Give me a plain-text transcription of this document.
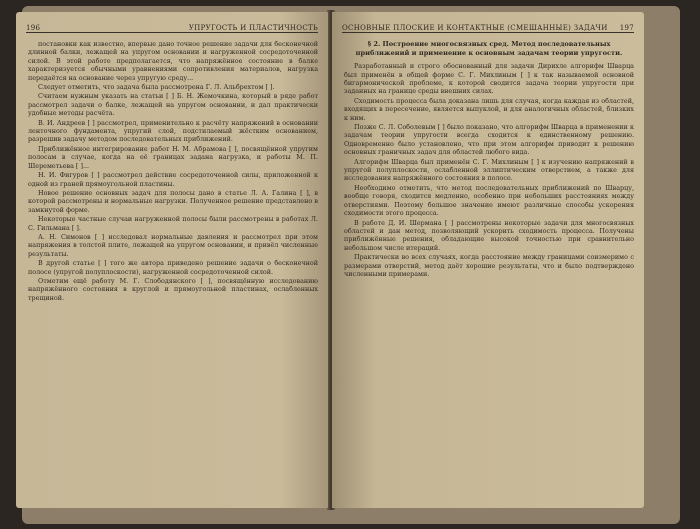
196	УПРУГОСТЬ И ПЛАСТИЧНОСТЬ

постановки как известно, впервые дано точное решение задачи для бесконечной длинной балки, лежащей на упругом основании и нагруженной сосредоточенной силой. В этой работе предполагается, что напряжённое состояние в балке характеризуется обычными уравнениями сопротивления материалов, нагрузка передаётся на основание через упругую среду...

Следует отметить, что задача была рассмотрена Г. Л. Альбрехтом [ ].

Считаем нужным указать на статьи [ ] Б. Н. Жемочкина, который в ряде работ рассмотрел задачи о балке, лежащей на упругом основании, и дал практически удобные методы расчёта.

В. И. Андреев [ ] рассмотрел, применительно к расчёту напряжений в основании ленточного фундамента, упругий слой, подстилаемый жёстким основанием, разрешив задачу методом последовательных приближений.

Приближённое интегрирование работ Н. М. Абрамова [ ], посвящённой упругим полосам в случае, когда на её границах задана нагрузка, и работы М. П. Шереметьева [ ]...

Н. И. Фигуров [ ] рассмотрел действие сосредоточенной силы, приложенной к одной из граней прямоугольной пластины.

Новое решение основных задач для полосы дано в статье Л. А. Галина [ ], в которой рассмотрены и нормальные нагрузки. Полученное решение представлено в замкнутой форме.

Некоторые частные случаи нагруженной полосы были рассмотрены в работах Л. С. Гильмана [ ].

А. Н. Симонов [ ] исследовал нормальные давления и рассмотрел при этом напряжения в толстой плите, лежащей на упругом основании, и привёл численные результаты.

В другой статье [ ] того же автора приведено решение задачи о бесконечной полосе (упругой полуплоскости), нагруженной сосредоточенной силой.

Отметим ещё работу М. Г. Слободянского [ ], посвящённую исследованию напряжённого состояния в круглой и прямоугольной пластинах, ослабленных трещиной.

ОСНОВНЫЕ ПЛОСКИЕ И КОНТАКТНЫЕ (СМЕШАННЫЕ) ЗАДАЧИ 197
§ 2. Построение многосвязных сред. Метод последовательных приближений и применение к основным задачам теории упругости.

Разработанный и строго обоснованный для задачи Дирихле алгорифм Шварца был применён в общей форме С. Г. Михлиным [ ] к так называемой основной бигармонической проблеме, к которой сводится задача теории упругости при заданных на границе среды внешних силах.

Сходимость процесса была доказана лишь для случая, когда каждая из областей, входящих в пересечение, является выпуклой, и для аналогичных областей, близких к ним.

Позже С. Л. Соболевым [ ] было показано, что алгорифм Шварца в применении к задачам теории упругости всегда сходится к единственному решению. Одновременно было установлено, что при этом алгорифм приводит к решению основных граничных задач для областей любого вида.

Алгорифм Шварца был применён С. Г. Михлиным [ ] к изучению напряжений в упругой полуплоскости, ослабленной эллиптическим отверстием, а также для исследования напряжённого состояния в полосе.

Необходимо отметить, что метод последовательных приближений по Шварцу, вообще говоря, сходится медленно, особенно при небольших расстояниях между отверстиями. Поэтому большое значение имеют различные способы ускорения сходимости этого процесса.

В работе Д. И. Шермана [ ] рассмотрены некоторые задачи для многосвязных областей и дан метод, позволяющий ускорить сходимость процесса. Получены приближённые решения, обладающие высокой точностью при сравнительно небольшом числе итераций.

Практически во всех случаях, когда расстояние между границами соизмеримо с размерами отверстий, метод даёт хорошие результаты, что и было подтверждено численными примерами.
